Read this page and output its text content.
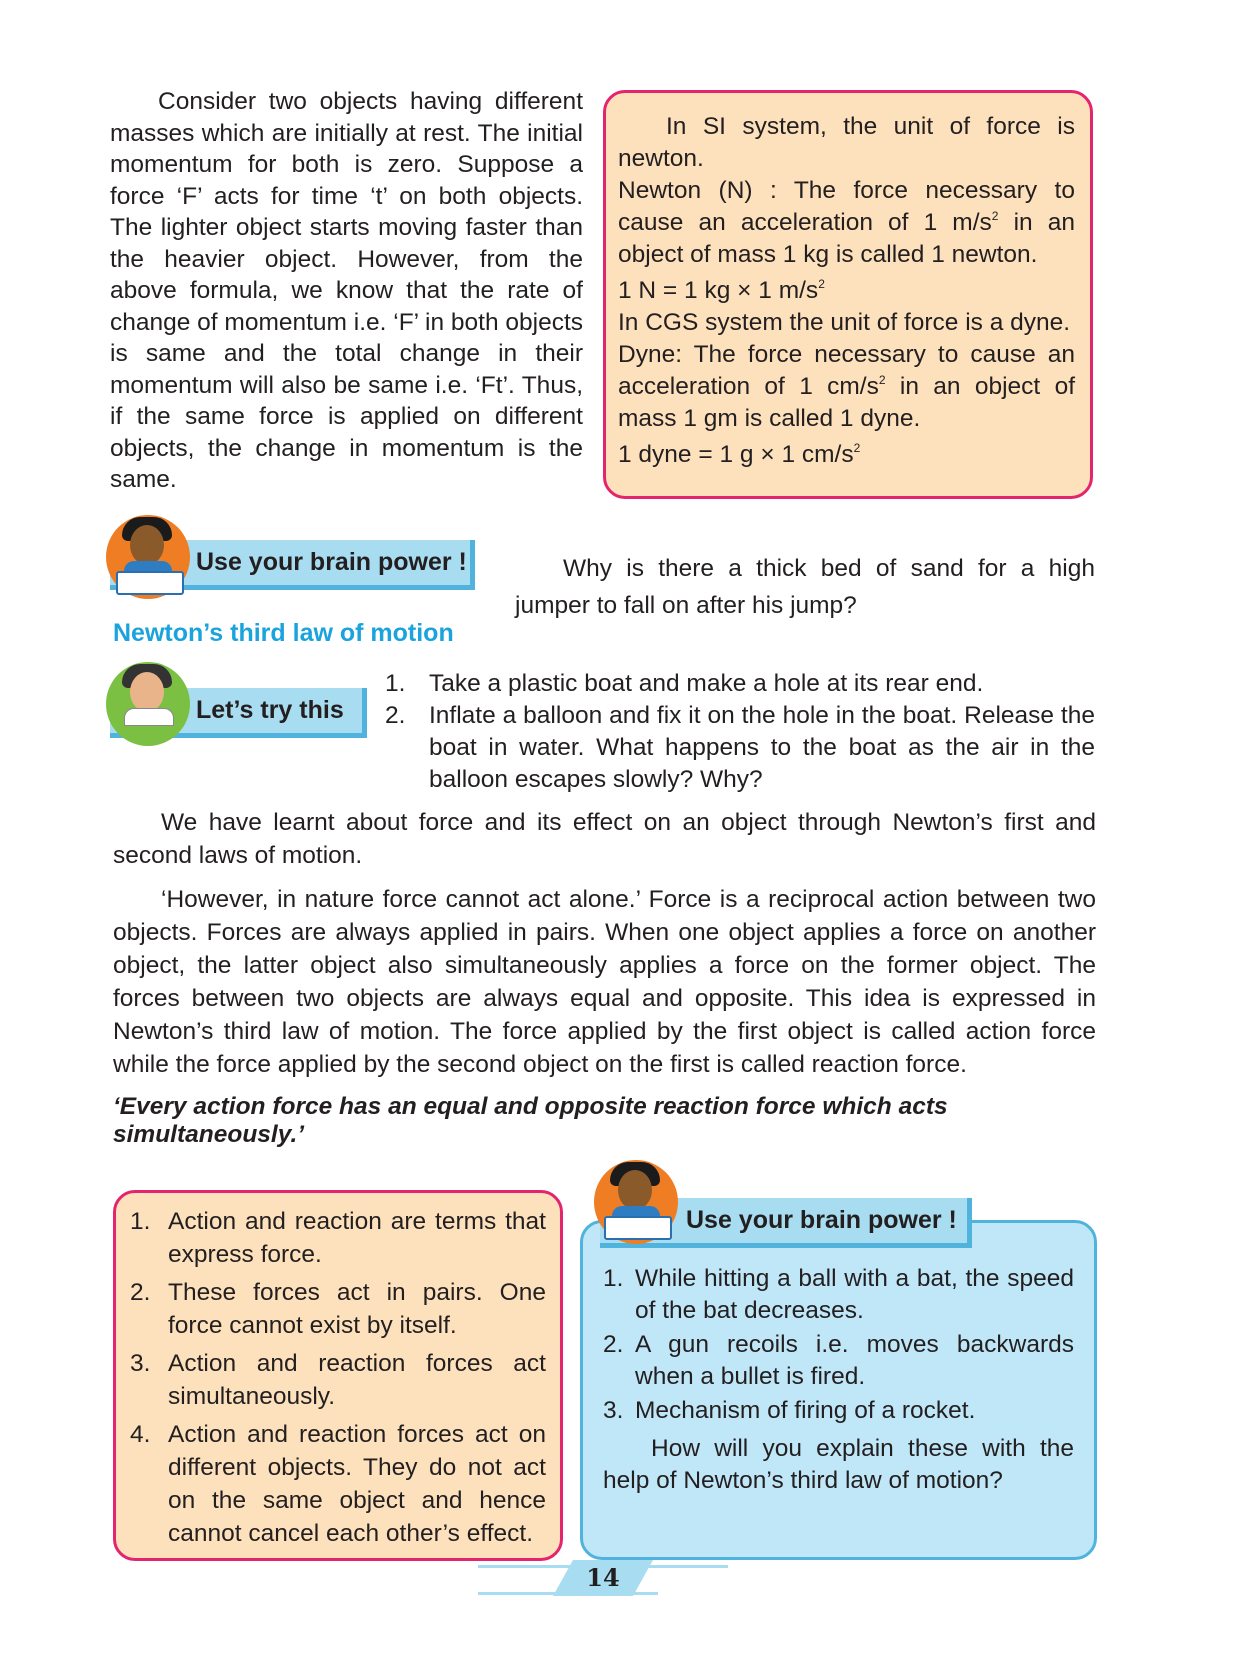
Consider two objects having different masses which are initially at rest. The initial momentum for both is zero. Suppose a force ‘F’ acts for time ‘t’ on both objects. The lighter object starts moving faster than the heavier object. However, from the above formula, we know that the rate of change of momentum i.e. ‘F’ in both objects is same and the total change in their momentum will also be same i.e. ‘Ft’. Thus, if the same force is applied on different objects, the change in momentum is the same.

In SI system, the unit of force is newton.

Newton (N) : The force necessary to cause an acceleration of 1 $m/s^2$ in an object of mass 1 kg is called 1 newton.

1 N = 1 kg × 1 $m/s^2$

In CGS system the unit of force is a dyne.

Dyne: The force necessary to cause an acceleration of 1 $cm/s^2$ in an object of mass 1 gm is called 1 dyne.

1 dyne = 1 g × 1 $cm/s^2$

Use your brain power !	Why is there a thick bed of sand for a high jumper to fall on after his jump?
Newton’s third law of motion
Let’s try this
1. Take a plastic boat and make a hole at its rear end.
2. Inflate a balloon and fix it on the hole in the boat. Release the boat in water. What happens to the boat as the air in the balloon escapes slowly? Why?

We have learnt about force and its effect on an object through Newton’s first and second laws of motion.

‘However, in nature force cannot act alone.’ Force is a reciprocal action between two objects. Forces are always applied in pairs. When one object applies a force on another object, the latter object also simultaneously applies a force on the former object. The forces between two objects are always equal and opposite. This idea is expressed in Newton’s third law of motion. The force applied by the first object is called action force while the force applied by the second object on the first is called reaction force.

‘Every action force has an equal and opposite reaction force which acts simultaneously.’
1. Action and reaction are terms that express force.
2. These forces act in pairs. One force cannot exist by itself.
3. Action and reaction forces act simultaneously.
4. Action and reaction forces act on different objects. They do not act on the same object and hence cannot cancel each other’s effect.
1. While hitting a ball with a bat, the speed of the bat decreases.
2. A gun recoils i.e. moves backwards when a bullet is fired.
3. Mechanism of firing of a rocket.

How will you explain these with the help of Newton’s third law of motion?

Use your brain power !
14
